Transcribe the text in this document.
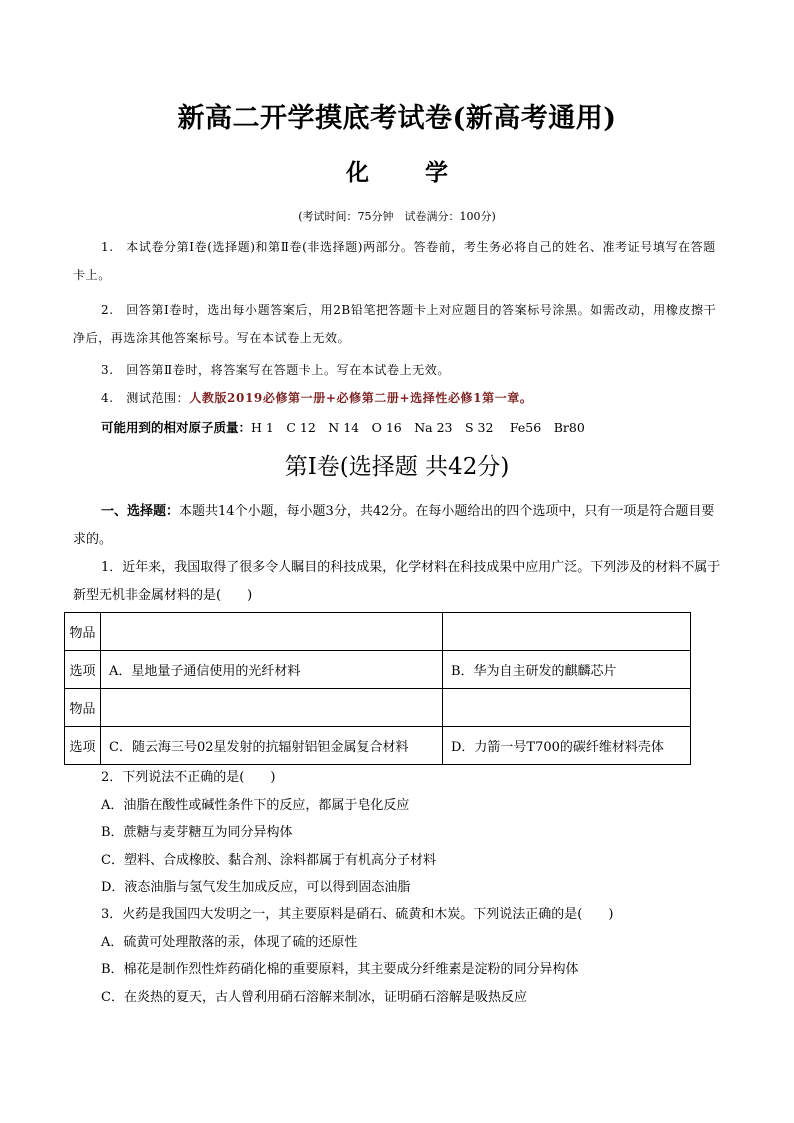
新高二开学摸底考试卷(新高考通用)
化 学
(考试时间：75分钟　试卷满分：100分)
1.　本试卷分第Ⅰ卷(选择题)和第Ⅱ卷(非选择题)两部分。答卷前，考生务必将自己的姓名、准考证号填写在答题卡上。
2.　回答第Ⅰ卷时，选出每小题答案后，用2B铅笔把答题卡上对应题目的答案标号涂黑。如需改动，用橡皮擦干净后，再选涂其他答案标号。写在本试卷上无效。
3.　回答第Ⅱ卷时，将答案写在答题卡上。写在本试卷上无效。
4.　测试范围：人教版2019必修第一册+必修第二册+选择性必修1第一章。
可能用到的相对原子质量：H 1　C 12　N 14　O 16　Na 23　S 32　 Fe56　Br80
第Ⅰ卷(选择题 共42分)
一、选择题：本题共14个小题，每小题3分，共42分。在每小题给出的四个选项中，只有一项是符合题目要求的。
1．近年来，我国取得了很多令人瞩目的科技成果，化学材料在科技成果中应用广泛。下列涉及的材料不属于新型无机非金属材料的是(　　)
物品		
选项	A．星地量子通信使用的光纤材料	B．华为自主研发的麒麟芯片
物品		
选项	C．随云海三号02星发射的抗辐射铝钽金属复合材料	D．力箭一号T700的碳纤维材料壳体
2．下列说法不正确的是(　　)
A．油脂在酸性或碱性条件下的反应，都属于皂化反应
B．蔗糖与麦芽糖互为同分异构体
C．塑料、合成橡胶、黏合剂、涂料都属于有机高分子材料
D．液态油脂与氢气发生加成反应，可以得到固态油脂
3．火药是我国四大发明之一，其主要原料是硝石、硫黄和木炭。下列说法正确的是(　　)
A．硫黄可处理散落的汞，体现了硫的还原性
B．棉花是制作烈性炸药硝化棉的重要原料，其主要成分纤维素是淀粉的同分异构体
C．在炎热的夏天，古人曾利用硝石溶解来制冰，证明硝石溶解是吸热反应
